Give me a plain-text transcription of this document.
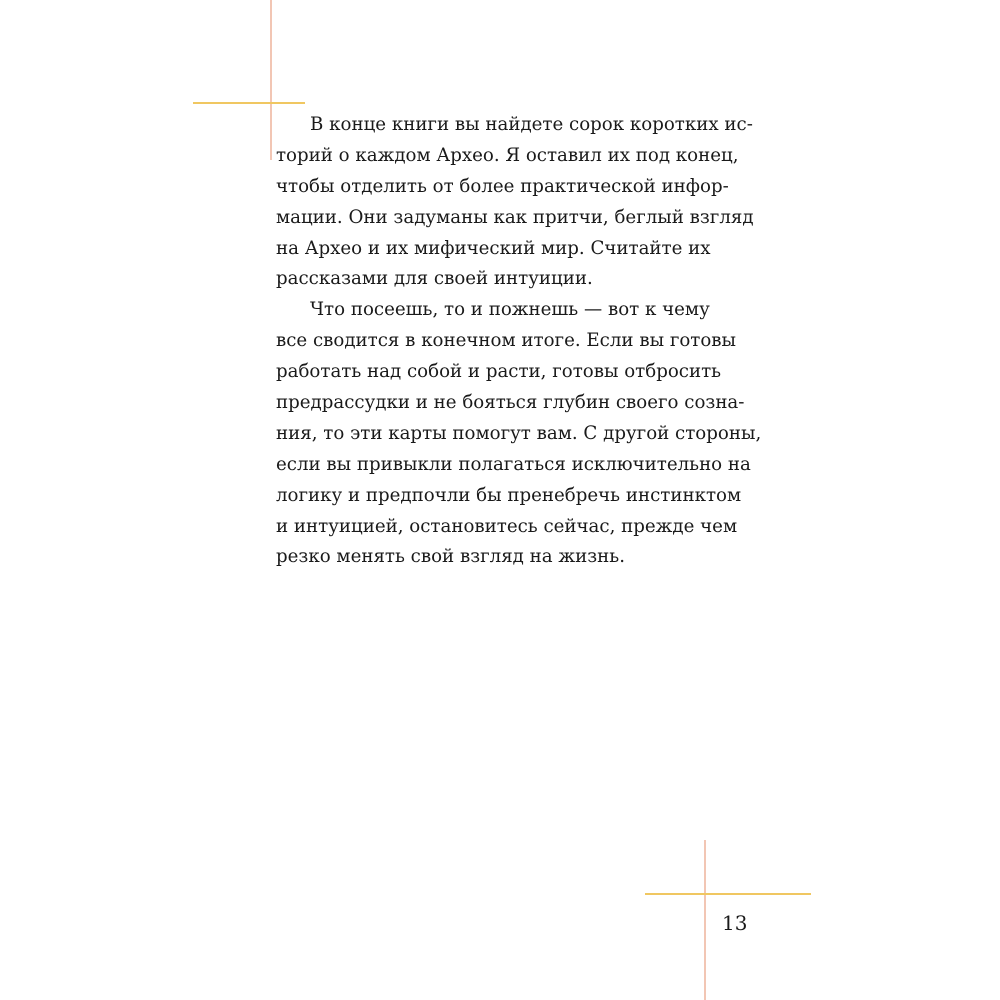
В конце книги вы найдете сорок коротких ис-
торий о каждом Архео. Я оставил их под конец,
чтобы отделить от более практической инфор-
мации. Они задуманы как притчи, беглый взгляд
на Архео и их мифический мир. Считайте их
рассказами для своей интуиции.
Что посеешь, то и пожнешь — вот к чему
все сводится в конечном итоге. Если вы готовы
работать над собой и расти, готовы отбросить
предрассудки и не бояться глубин своего созна-
ния, то эти карты помогут вам. С другой стороны,
если вы привыкли полагаться исключительно на
логику и предпочли бы пренебречь инстинктом
и интуицией, остановитесь сейчас, прежде чем
резко менять свой взгляд на жизнь.
13
